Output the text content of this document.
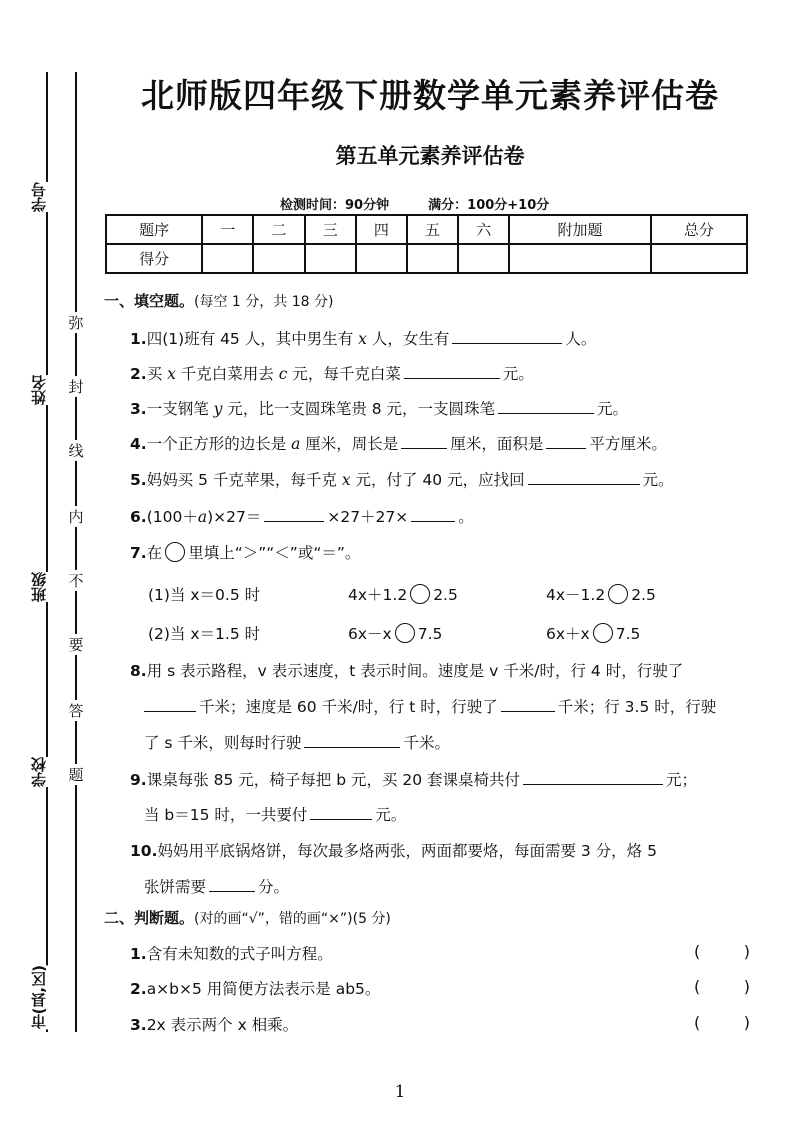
学号
姓名
班级
学校
市(县,区)
弥
封
线
内
不
要
答
题
北师版四年级下册数学单元素养评估卷
第五单元素养评估卷
检测时间：90分钟	满分：100分+10分
题序	一	二	三	四	五	六	附加题	总分
得分								
一、填空题。(每空 1 分，共 18 分)
1.四(1)班有 45 人，其中男生有 x 人，女生有	人。
2.买 x 千克白菜用去 c 元，每千克白菜	元。
3.一支钢笔 y 元，比一支圆珠笔贵 8 元，一支圆珠笔	元。
4.一个正方形的边长是 a 厘米，周长是	厘米，面积是	平方厘米。
5.妈妈买 5 千克苹果，每千克 x 元，付了 40 元，应找回	元。
6.(100＋a)×27＝	×27＋27×	。
7.在 里填上“＞”“＜”或“＝”。
(1)当 x＝0.5 时	4x＋1.2 2.5	4x－1.2 2.5
(2)当 x＝1.5 时	6x－x 7.5	6x＋x 7.5
8.用 s 表示路程，v 表示速度，t 表示时间。速度是 v 千米/时，行 4 时，行驶了
千米；速度是 60 千米/时，行 t 时，行驶了	千米；行 3.5 时，行驶
了 s 千米，则每时行驶	千米。
9.课桌每张 85 元，椅子每把 b 元，买 20 套课桌椅共付	元；
当 b＝15 时，一共要付	元。
10.妈妈用平底锅烙饼，每次最多烙两张，两面都要烙，每面需要 3 分，烙 5
张饼需要	分。
二、判断题。(对的画“√”，错的画“×”)(5 分)
1.含有未知数的式子叫方程。	(	)
2.a×b×5 用简便方法表示是 ab5。	(	)
3.2x 表示两个 x 相乘。	(	)
1
